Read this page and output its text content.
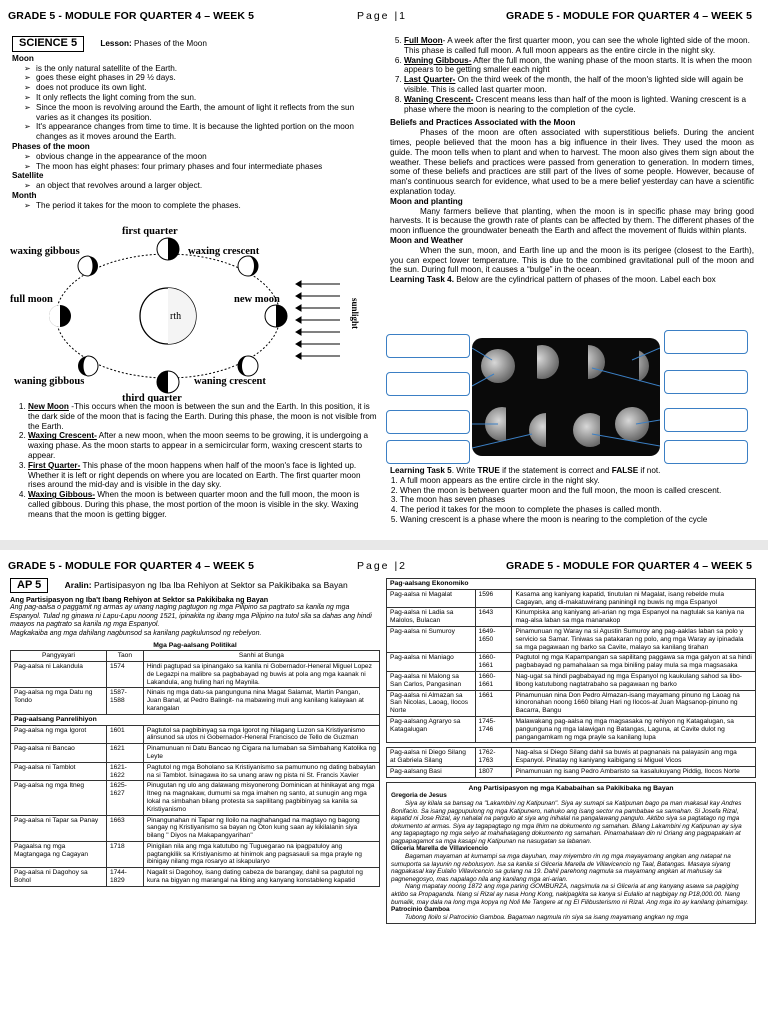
GRADE 5 - MODULE FOR QUARTER 4 – WEEK 5	Page |1	GRADE 5 - MODULE FOR QUARTER 4 – WEEK 5
SCIENCE 5	Lesson: Phases of the Moon

Moon

➢ is the only natural satellite of the Earth.
➢ goes these eight phases in 29 ½ days.
➢ does not produce its own light.
➢ It only reflects the light coming from the sun.
➢ Since the moon is revolving around the Earth, the amount of light it reflects from the sun varies as it changes its position.
➢ It's appearance changes from time to time. It is because the lighted portion on the moon changes as it moves around the Earth.

Phases of the moon

➢ obvious change in the appearance of the moon
➢ The moon has eight phases: four primary phases and four intermediate phases

Satellite

➢ an object that revolves around a larger object.

Month

➢ The period it takes for the moon to complete the phases.
rth
first quarter
waxing gibbous	waxing crescent
full moon	new moon
waning gibbous	waning crescent
third quarter
sunlight
1. New Moon -This occurs when the moon is between the sun and the Earth. In this position, it is the dark side of the moon that is facing the Earth. During this phase, the moon is not visible from the Earth.
2. Waxing Crescent- After a new moon, when the moon seems to be growing, it is undergoing a waxing phase. As the moon starts to appear in a semicircular form, waxing crescent starts to appear.
3. First Quarter- This phase of the moon happens when half of the moon's face is lighted up. Whether it is left or right depends on where you are located on Earth. The first quarter moon rises around the mid-day and is visible in the day sky.
4. Waxing Gibbous- When the moon is between quarter moon and the full moon, the moon is called gibbous. During this phase, the most portion of the moon is visible in the sky. Waxing means that the moon is getting bigger.
5. Full Moon- A week after the first quarter moon, you can see the whole lighted side of the moon. This phase is called full moon. A full moon appears as the entire circle in the night sky.
6. Waning Gibbous- After the full moon, the waning phase of the moon starts. It is when the moon appears to be getting smaller each night
7. Last Quarter- On the third week of the month, the half of the moon's lighted side will again be visible. This is called last quarter moon.
8. Waning Crescent- Crescent means less than half of the moon is lighted. Waning crescent is a phase where the moon is nearing to the completion of the cycle.

Beliefs and Practices Associated with the Moon

Phases of the moon are often associated with superstitious beliefs. During the ancient times, people believed that the moon has a big influence in their lives. They used the moon as guide. The moon tells when to plant and when to harvest. The moon also gives them sign about the weather. These beliefs and practices were passed from generation to generation. In modern times, some of these beliefs and practices are still part of the lives of some people. However, because of man's continuous search for evidence, what used to be a mere belief yesterday can have a scientific explanation today.

Moon and planting

Many farmers believe that planting, when the moon is in specific phase may bring good harvests. It is because the growth rate of plants can be affected by them. The different phases of the moon influence the groundwater beneath the Earth and affect the movement of fluids within plants.

Moon and Weather

When the sun, moon, and Earth line up and the moon is its perigee (closest to the Earth), you can expect lower temperature. This is due to the combined gravitational pull of the moon and the sun. During full moon, it causes a “bulge” in the ocean.

Learning Task 4. Below are the cylindrical pattern of phases of the moon. Label each box

Learning Task 5. Write TRUE if the statement is correct and FALSE if not.

1. A full moon appears as the entire circle in the night sky.
2. When the moon is between quarter moon and the full moon, the moon is called crescent.
3. The moon has seven phases
4. The period it takes for the moon to complete the phases is called month.
5. Waning crescent is a phase where the moon is nearing to the completion of the cycle
GRADE 5 - MODULE FOR QUARTER 4 – WEEK 5	Page |2	GRADE 5 - MODULE FOR QUARTER 4 – WEEK 5
AP 5	Aralin: Partisipasyon ng Iba Iba Rehiyon at Sektor sa Pakikibaka sa Bayan

Ang Partisipasyon ng Iba't Ibang Rehiyon at Sektor sa Pakikibaka ng Bayan

Ang pag-aalsa o paggamit ng armas ay unang naging pagtugon ng mga Pilipino sa pagtrato sa kanila ng mga Espanyol. Tulad ng ginawa ni Lapu-Lapu noong 1521, ipinakita ng ibang mga Pilipino na tutol sila sa dahas ang hindi maayos na pagtrato sa kanila ng mga Espanyol.

Magkakaiba ang mga dahilang nagbunsod sa kanilang pagkulunsod ng rebelyon.

Mga Pag-aalsang Politikal
Pangyayari	Taon	Sanhi at Bunga
Pag-aalsa ni Lakandula	1574	Hindi pagtupad sa ipinangako sa kanila ni Gobernador-Heneral Miguel Lopez de Legazpi na malibre sa pagbabayad ng buwis at pola ang mga kaanak ni Lakandula, ang huling hari ng Maynila.
Pag-aalsa ng mga Datu ng Tondo	1587-1588	Ninais ng mga datu-sa pangunguna nina Magat Salamat, Martin Pangan, Juan Banal, at Pedro Balingit- na mabawing muli ang kanilang kalayaan at karangalan
Pag-aalsang Panrelihiyon		
Pag-aalsa ng mga Igorot	1601	Pagtutol sa pagbibinyag sa mga Igorot ng hilagang Luzon sa Kristiyanismo alinsunod sa utos ni Gobernador-Heneral Francisco de Tello de Guzman
Pag-aalsa ni Bancao	1621	Pinamunuan ni Datu Bancao ng Cigara na lumaban sa Simbahang Katolika ng Leyte
Pag-aalsa ni Tamblot	1621-1622	Pagtutol ng mga Boholano sa Kristiyanismo sa pamumuno ng dating babaylan na si Tamblot. Isinagawa ito sa unang araw ng pista ni St. Francis Xavier
Pag-aalsa ng mga Itneg	1625-1627	Pinugutan ng ulo ang dalawang misyonerong Dominican at hinikayat ang mga Itneg na magnakaw, dumumi sa mga imahen ng santo, at sunugin ang mga lokal na simbahan bilang protesta sa sapilitang pagbibinyag sa kanila sa Kristiyanismo
Pag-aalsa ni Tapar sa Panay	1663	Pinangunahan ni Tapar ng Iloilo na naghahangad na magtayo ng bagong sangay ng Kristiyanismo sa bayan ng Oton kung saan ay kikilalanin siya bilang " Diyos na Makapangyarihan"
Pagaalsa ng mga Magtangaga ng Cagayan	1718	Pinigilan nila ang mga katutubo ng Tuguegarao na ipagpatuloy ang pagtangkilik sa Kristiyanismo at hinimok ang pagsasauli sa mga prayle ng ibinigay nilang mga rosaryo at iskapularyo
Pag-aalsa ni Dagohoy sa Bohol	1744-1829	Nagalit si Dagohoy, isang dating cabeza de barangay, dahil sa pagtutol ng kura na bigyan ng marangal na libing ang kanyang konstableng kapatid
Pag-aalsang Ekonomiko		
Pag-aalsa ni Magalat	1596	Kasama ang kaniyang kapatid, tinutulan ni Magalat, isang rebelde mula Cagayan, ang di-makatuwirang paniningil ng buwis ng mga Espanyol
Pag-aalsa ni Ladia sa Malolos, Bulacan	1643	Kinumpiska ang kaniyang ari-arian ng mga Espanyol na nagtulak sa kaniya na mag-alsa laban sa mga mananakop
Pag-aalsa ni Sumuroy	1649-1650	Pinamunuan ng Waray na si Agustin Sumuroy ang pag-aaklas laban sa polo y servicio sa Samar. Tiniwas sa patakaran ng polo, ang mga Waray ay ipinadala sa mga pagawaan ng barko sa Cavite, malayo sa kanilang tirahan
Pag-aalsa ni Maniago	1660-1661	Pagtutol ng mga Kapampangan sa sapilitang paggawa sa mga galyon at sa hindi pagbabayad ng pamahalaan sa mga biniling palay mula sa mga magsasaka
Pag-aalsa ni Malong sa San Carlos, Pangasinan	1660-1661	Nag-ugat sa hindi pagbabayad ng mga Espanyol ng kaukulang sahod sa libo-libong katutubong nagtatrabaho sa pagawaan ng barko
Pag-aalsa ni Almazan sa San Nicolas, Laoag, Ilocos Norte	1661	Pinamunuan nina Don Pedro Almazan-isang mayamang pinuno ng Laoag na kinoronahan noong 1660 bilang Hari ng Ilocos-at Juan Magsanop-pinuno ng Bacarra, Bangu
Pag-aalsang Agraryo sa Katagalugan	1745-1746	Malawakang pag-aalsa ng mga magsasaka ng rehiyon ng Katagalugan, sa pangunguna ng mga lalawigan ng Batangas, Laguna, at Cavite dulot ng pangangamkam ng mga prayle sa kanilang lupa
Pag-aalsa ni Diego Silang at Gabriela Silang	1762-1763	Nag-alsa si Diego Silang dahil sa buwis at pagnanais na palayasin ang mga Espanyol. Pinatay ng kaniyang kaibigang si Miguel Vicos
Pag-aalsang Basi	1807	Pinamunuan ng isang Pedro Ambaristo sa kasalukuyang Piddig, Ilocos Norte

Ang Partisipasyon ng mga Kababaihan sa Pakikibaka ng Bayan

Gregoria de Jesus

Siya ay kilala sa bansag na "Lakambini ng Katipunan". Siya ay sumapi sa Katipunan bago pa man makasal kay Andres Bonifacio. Sa isang pagpupulong ng mga Katipunero, nahuko ang isang sector na pambabae sa samahan. Si Josefa Rizal, kapatid ni Jose Rizal, ay nahalal na pangulo at siya ang inihalal na pangalawang pangulo. Aktibo siya sa pagtatago ng mga dokumento at armas. Siya ay tagapagtago ng mga lihim na dokumento ng samahan. Bilang Lakambini ng Katipunan ay siya ang tagapagtago ng mga selyo at mahahalagang dokumento ng samahan. Pinamahalaan din ni Oriang ang pagpapakain at pagpapagamot sa mga kasapi ng Katipunan na nasugatan sa labanan.

Gliceria Marella de Villavicencio

Bagaman mayaman at kumampi sa mga dayuhan, may miyembro rin ng mga mayayamang angkan ang natapat na sumuporta sa layunin ng rebolusyon. Isa sa kanila si Gliceria Marella de Villavicencio ng Taal, Batangas. Masaya siyang nagpakasal kay Eulalio Villavicencio sa gulang na 19. Dahil parehong nagmula sa mayamang angkan at mahusay sa pagnenegosyo, mas napalago nila ang kanilang mga ari-arian.

Nang mapatay noong 1872 ang mga paring GOMBURZA, nagsimula na si Gliceria at ang kanyang asawa sa pagiging aktibo sa Propaganda. Nang si Rizal ay nasa Hong Kong, nakipagkita sa kanya si Eulalio at nagbigay ng P18,000.00. Nang bumalik, may dala na long mga kopya ng Noli Me Tangere at ng El Filibusterismo ni Rizal. Ang mga ito ay kanilang ipinamigay.

Patrocinio Gamboa

Tubong Iloilo si Patrocinio Gamboa. Bagaman nagmula rin siya sa isang mayamang angkan ng mga
